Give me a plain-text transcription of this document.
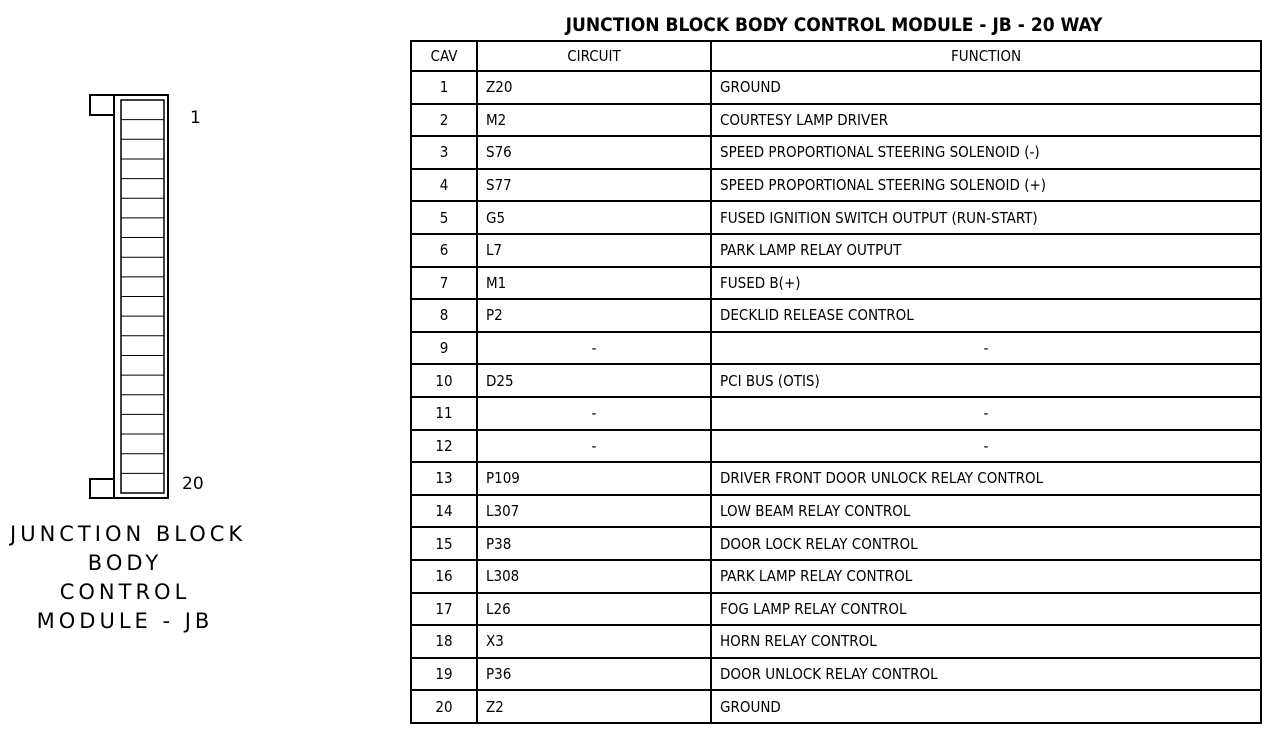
1
20
JUNCTION BLOCK
BODY
CONTROL
MODULE - JB
JUNCTION BLOCK BODY CONTROL MODULE - JB - 20 WAY
CAV	CIRCUIT	FUNCTION
1	Z20	GROUND
2	M2	COURTESY LAMP DRIVER
3	S76	SPEED PROPORTIONAL STEERING SOLENOID (-)
4	S77	SPEED PROPORTIONAL STEERING SOLENOID (+)
5	G5	FUSED IGNITION SWITCH OUTPUT (RUN-START)
6	L7	PARK LAMP RELAY OUTPUT
7	M1	FUSED B(+)
8	P2	DECKLID RELEASE CONTROL
9	-	-
10	D25	PCI BUS (OTIS)
11	-	-
12	-	-
13	P109	DRIVER FRONT DOOR UNLOCK RELAY CONTROL
14	L307	LOW BEAM RELAY CONTROL
15	P38	DOOR LOCK RELAY CONTROL
16	L308	PARK LAMP RELAY CONTROL
17	L26	FOG LAMP RELAY CONTROL
18	X3	HORN RELAY CONTROL
19	P36	DOOR UNLOCK RELAY CONTROL
20	Z2	GROUND
